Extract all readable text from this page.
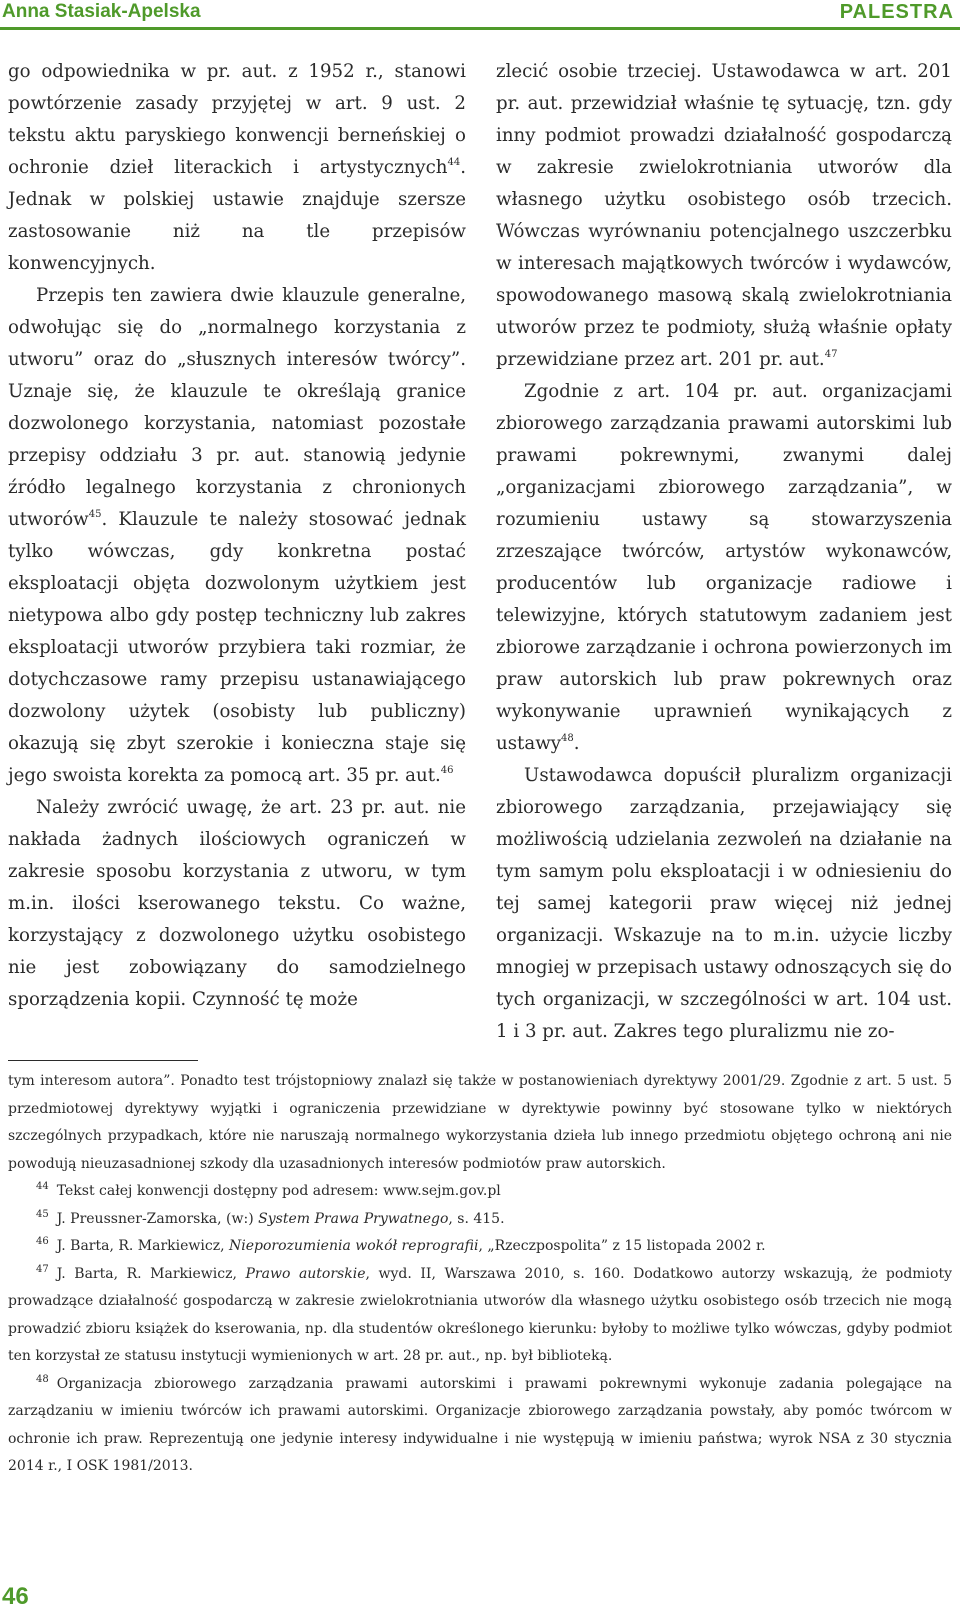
Anna Stasiak-Apelska	PALESTRA

go odpowiednika w pr. aut. z 1952 r., stanowi powtórzenie zasady przyjętej w art. 9 ust. 2 tekstu aktu paryskiego konwencji berneńskiej o ochronie dzieł literackich i artystycznych$^{44}$. Jednak w polskiej ustawie znajduje szersze zastosowanie niż na tle przepisów konwencyjnych.

Przepis ten zawiera dwie klauzule generalne, odwołując się do „normalnego korzystania z utworu” oraz do „słusznych interesów twórcy”. Uznaje się, że klauzule te określają granice dozwolonego korzystania, natomiast pozostałe przepisy oddziału 3 pr. aut. stanowią jedynie źródło legalnego korzystania z chronionych utworów$^{45}$. Klauzule te należy stosować jednak tylko wówczas, gdy konkretna postać eksploatacji objęta dozwolonym użytkiem jest nietypowa albo gdy postęp techniczny lub zakres eksploatacji utworów przybiera taki rozmiar, że dotychczasowe ramy przepisu ustanawiającego dozwolony użytek (osobisty lub publiczny) okazują się zbyt szerokie i konieczna staje się jego swoista korekta za pomocą art. 35 pr. aut.$^{46}$

Należy zwrócić uwagę, że art. 23 pr. aut. nie nakłada żadnych ilościowych ograniczeń w zakresie sposobu korzystania z utworu, w tym m.in. ilości kserowanego tekstu. Co ważne, korzystający z dozwolonego użytku osobistego nie jest zobowiązany do samodzielnego sporządzenia kopii. Czynność tę może

zlecić osobie trzeciej. Ustawodawca w art. 201 pr. aut. przewidział właśnie tę sytuację, tzn. gdy inny podmiot prowadzi działalność gospodarczą w zakresie zwielokrotniania utworów dla własnego użytku osobistego osób trzecich. Wówczas wyrównaniu potencjalnego uszczerbku w interesach majątkowych twórców i wydawców, spowodowanego masową skalą zwielokrotniania utworów przez te podmioty, służą właśnie opłaty przewidziane przez art. 201 pr. aut.$^{47}$

Zgodnie z art. 104 pr. aut. organizacjami zbiorowego zarządzania prawami autorskimi lub prawami pokrewnymi, zwanymi dalej „organizacjami zbiorowego zarządzania”, w rozumieniu ustawy są stowarzyszenia zrzeszające twórców, artystów wykonawców, producentów lub organizacje radiowe i telewizyjne, których statutowym zadaniem jest zbiorowe zarządzanie i ochrona powierzonych im praw autorskich lub praw pokrewnych oraz wykonywanie uprawnień wynikających z ustawy$^{48}$.

Ustawodawca dopuścił pluralizm organizacji zbiorowego zarządzania, przejawiający się możliwością udzielania zezwoleń na działanie na tym samym polu eksploatacji i w odniesieniu do tej samej kategorii praw więcej niż jednej organizacji. Wskazuje na to m.in. użycie liczby mnogiej w przepisach ustawy odnoszących się do tych organizacji, w szczególności w art. 104 ust. 1 i 3 pr. aut. Zakres tego pluralizmu nie zo-

tym interesom autora”. Ponadto test trójstopniowy znalazł się także w postanowieniach dyrektywy 2001/29. Zgodnie z art. 5 ust. 5 przedmiotowej dyrektywy wyjątki i ograniczenia przewidziane w dyrektywie powinny być stosowane tylko w niektórych szczególnych przypadkach, które nie naruszają normalnego wykorzystania dzieła lub innego przedmiotu objętego ochroną ani nie powodują nieuzasadnionej szkody dla uzasadnionych interesów podmiotów praw autorskich.

$^{44}$ Tekst całej konwencji dostępny pod adresem: www.sejm.gov.pl

$^{45}$ J. Preussner-Zamorska, (w:) System Prawa Prywatnego, s. 415.

$^{46}$ J. Barta, R. Markiewicz, Nieporozumienia wokół reprografii, „Rzeczpospolita” z 15 listopada 2002 r.

$^{47}$ J. Barta, R. Markiewicz, Prawo autorskie, wyd. II, Warszawa 2010, s. 160. Dodatkowo autorzy wskazują, że podmioty prowadzące działalność gospodarczą w zakresie zwielokrotniania utworów dla własnego użytku osobistego osób trzecich nie mogą prowadzić zbioru książek do kserowania, np. dla studentów określonego kierunku: byłoby to możliwe tylko wówczas, gdyby podmiot ten korzystał ze statusu instytucji wymienionych w art. 28 pr. aut., np. był biblioteką.

$^{48}$ Organizacja zbiorowego zarządzania prawami autorskimi i prawami pokrewnymi wykonuje zadania polegające na zarządzaniu w imieniu twórców ich prawami autorskimi. Organizacje zbiorowego zarządzania powstały, aby pomóc twórcom w ochronie ich praw. Reprezentują one jedynie interesy indywidualne i nie występują w imieniu państwa; wyrok NSA z 30 stycznia 2014 r., I OSK 1981/2013.

46
